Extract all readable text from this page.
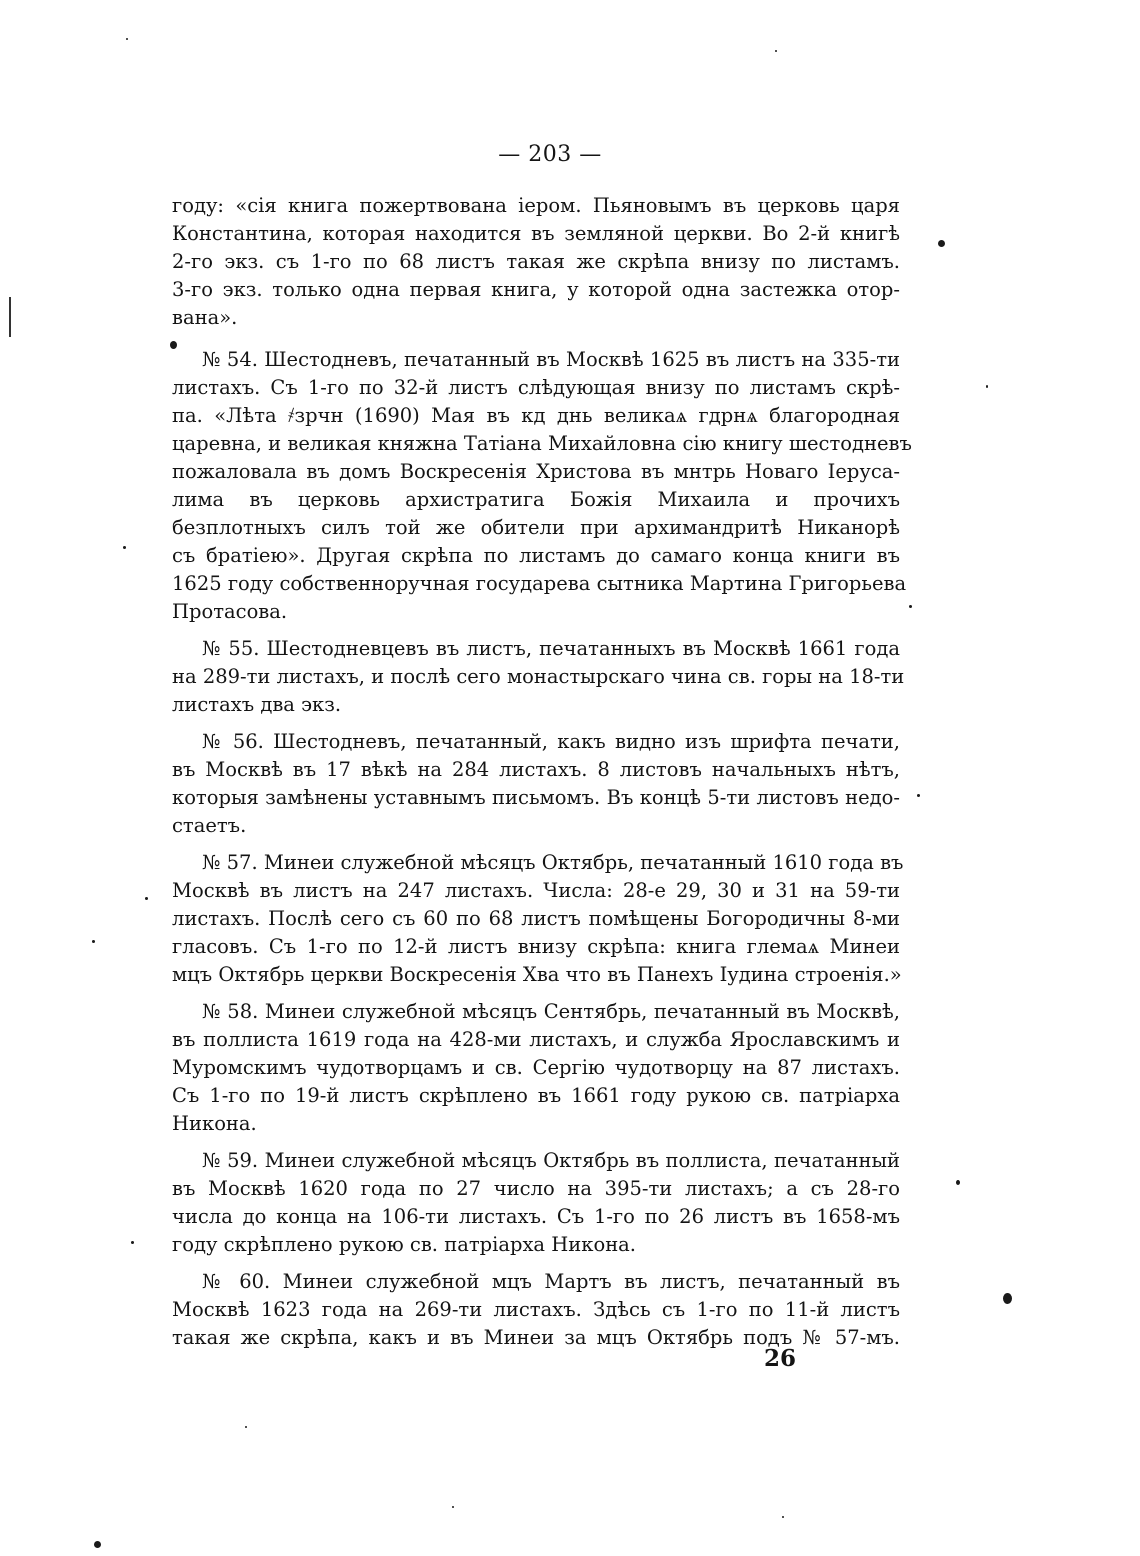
— 203 —

году: «сія книга пожертвована іером. Пьяновымъ въ церковь царя
Константина, которая находится въ земляной церкви. Во 2-й книгѣ
2-го экз. съ 1-го по 68 листъ такая же скрѣпа внизу по листамъ.
3-го экз. только одна первая книга, у которой одна застежка отор-
вана».

№ 54. Шестодневъ, печатанный въ Москвѣ 1625 въ листъ на 335-ти
листахъ. Съ 1-го по 32-й листъ слѣдующая внизу по листамъ скрѣ-
па. «Лѣта ҂зрчн (1690) Мая въ кд днь великаѧ гдрнѧ благородная
царевна, и великая княжна Татіана Михайловна сію книгу шестодневъ
пожаловала въ домъ Воскресенія Христова въ мнтрь Новаго Іерусa-
лима въ церковь архистратига Божія Михаила и прочихъ
безплотныхъ силъ той же обители при архимандритѣ Никанорѣ
съ братіею». Другая скрѣпа по листамъ до самаго конца книги въ
1625 году собственноручная государева сытника Мартина Григорьева
Протасова.

№ 55. Шестодневцевъ въ листъ, печатанныхъ въ Москвѣ 1661 года
на 289-ти листахъ, и послѣ сего монастырскаго чина св. горы на 18-ти
листахъ два экз.

№ 56. Шестодневъ, печатанный, какъ видно изъ шрифта печати,
въ Москвѣ въ 17 вѣкѣ на 284 листахъ. 8 листовъ начальныхъ нѣтъ,
которыя замѣнены уставнымъ письмомъ. Въ концѣ 5-ти листовъ недо-
стаетъ.

№ 57. Минеи служебной мѣсяцъ Октябрь, печатанный 1610 года въ
Москвѣ въ листъ на 247 листахъ. Числа: 28-е 29, 30 и 31 на 59-ти
листахъ. Послѣ сего съ 60 по 68 листъ помѣщены Богородичны 8-ми
гласовъ. Съ 1-го по 12-й листъ внизу скрѣпа: книга глемаѧ Минеи
мцъ Октябрь церкви Воскресенія Хва что въ Панехъ Іудина строенія.»

№ 58. Минеи служебной мѣсяцъ Сентябрь, печатанный въ Москвѣ,
въ поллиста 1619 года на 428-ми листахъ, и служба Ярославскимъ и
Муромскимъ чудотворцамъ и св. Сергію чудотворцу на 87 листахъ.
Съ 1-го по 19-й листъ скрѣплено въ 1661 году рукою св. патріарха
Никона.

№ 59. Минеи служебной мѣсяцъ Октябрь въ поллиста, печатанный
въ Москвѣ 1620 года по 27 число на 395-ти листахъ; а съ 28-го
числа до конца на 106-ти листахъ. Съ 1-го по 26 листъ въ 1658-мъ
году скрѣплено рукою св. патріарха Никона.

№ 60. Минеи служебной мцъ Мартъ въ листъ, печатанный въ
Москвѣ 1623 года на 269-ти листахъ. Здѣсь съ 1-го по 11-й листъ
такая же скрѣпа, какъ и въ Минеи за мцъ Октябрь подъ № 57-мъ.

26
